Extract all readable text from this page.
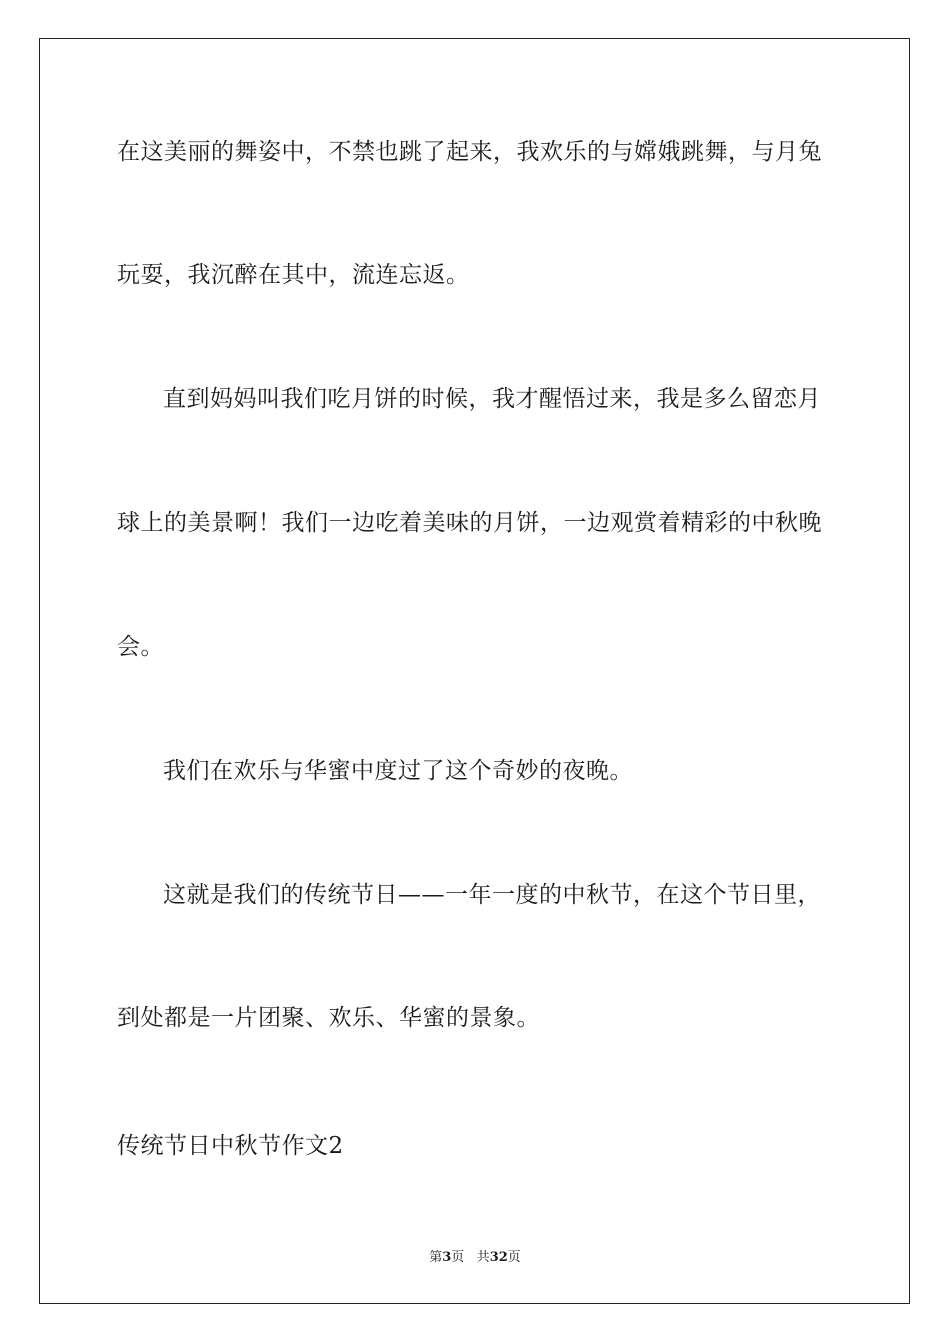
在这美丽的舞姿中，不禁也跳了起来，我欢乐的与嫦娥跳舞，与月兔
玩耍，我沉醉在其中，流连忘返。
直到妈妈叫我们吃月饼的时候，我才醒悟过来，我是多么留恋月
球上的美景啊！我们一边吃着美味的月饼，一边观赏着精彩的中秋晚
会。
我们在欢乐与华蜜中度过了这个奇妙的夜晚。
这就是我们的传统节日——一年一度的中秋节，在这个节日里，
到处都是一片团聚、欢乐、华蜜的景象。
传统节日中秋节作文2
第3页 共32页
